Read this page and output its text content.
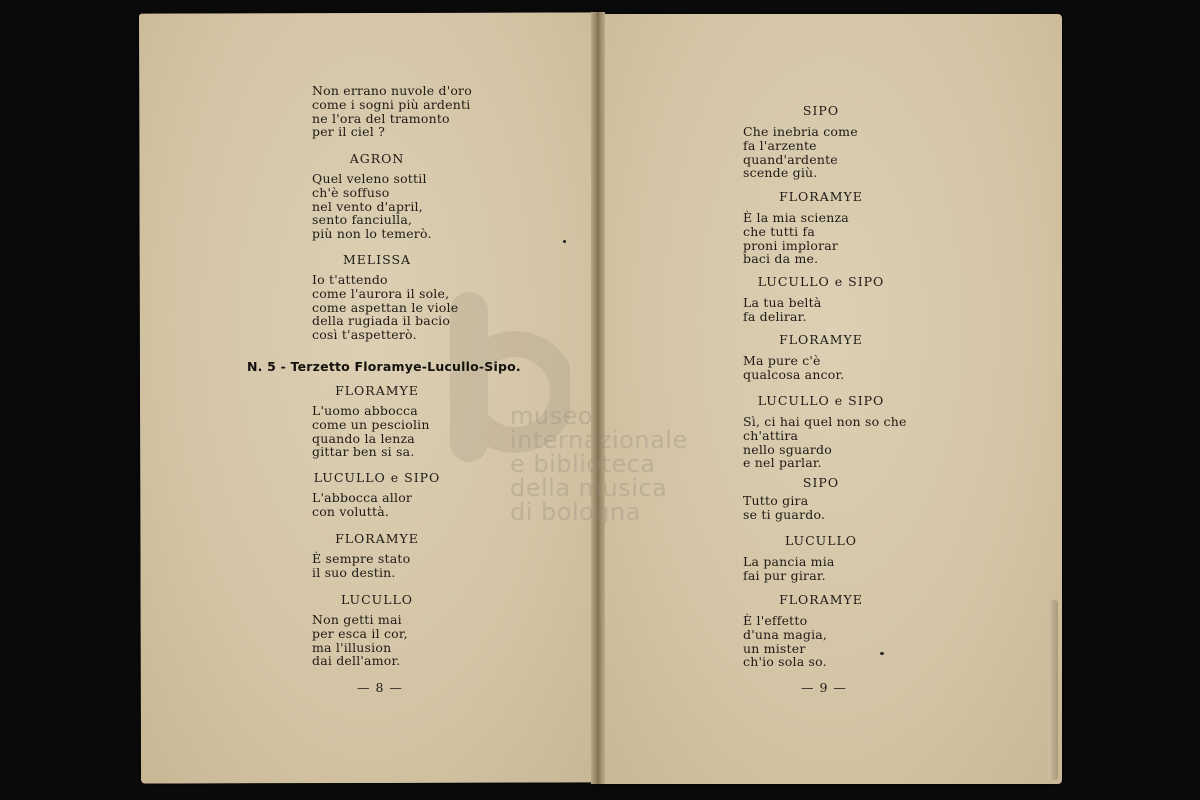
museo internazionale
e biblioteca della musica
di bologna
Non errano nuvole d'oro
come i sogni più ardenti
ne l'ora del tramonto
per il ciel ?
AGRON
Quel veleno sottil
ch'è soffuso
nel vento d'april,
sento fanciulla,
più non lo temerò.
MELISSA
Io t'attendo
come l'aurora il sole,
come aspettan le viole
della rugiada il bacio
così t'aspetterò.
N. 5 - Terzetto Floramye-Lucullo-Sipo.
FLORAMYE
L'uomo abbocca
come un pesciolin
quando la lenza
gittar ben si sa.
LUCULLO e SIPO
L'abbocca allor
con voluttà.
FLORAMYE
È sempre stato
il suo destin.
LUCULLO
Non getti mai
per esca il cor,
ma l'illusion
dai dell'amor.
— 8 —
SIPO
Che inebria come
fa l'arzente
quand'ardente
scende giù.
FLORAMYE
È la mia scienza
che tutti fa
proni implorar
baci da me.
LUCULLO e SIPO
La tua beltà
fa delirar.
FLORAMYE
Ma pure c'è
qualcosa ancor.
LUCULLO e SIPO
Sì, ci hai quel non so che
ch'attira
nello sguardo
e nel parlar.
SIPO
Tutto gira
se ti guardo.
LUCULLO
La pancia mia
fai pur girar.
FLORAMYE
È l'effetto
d'una magia,
un mister
ch'io sola so.
— 9 —
